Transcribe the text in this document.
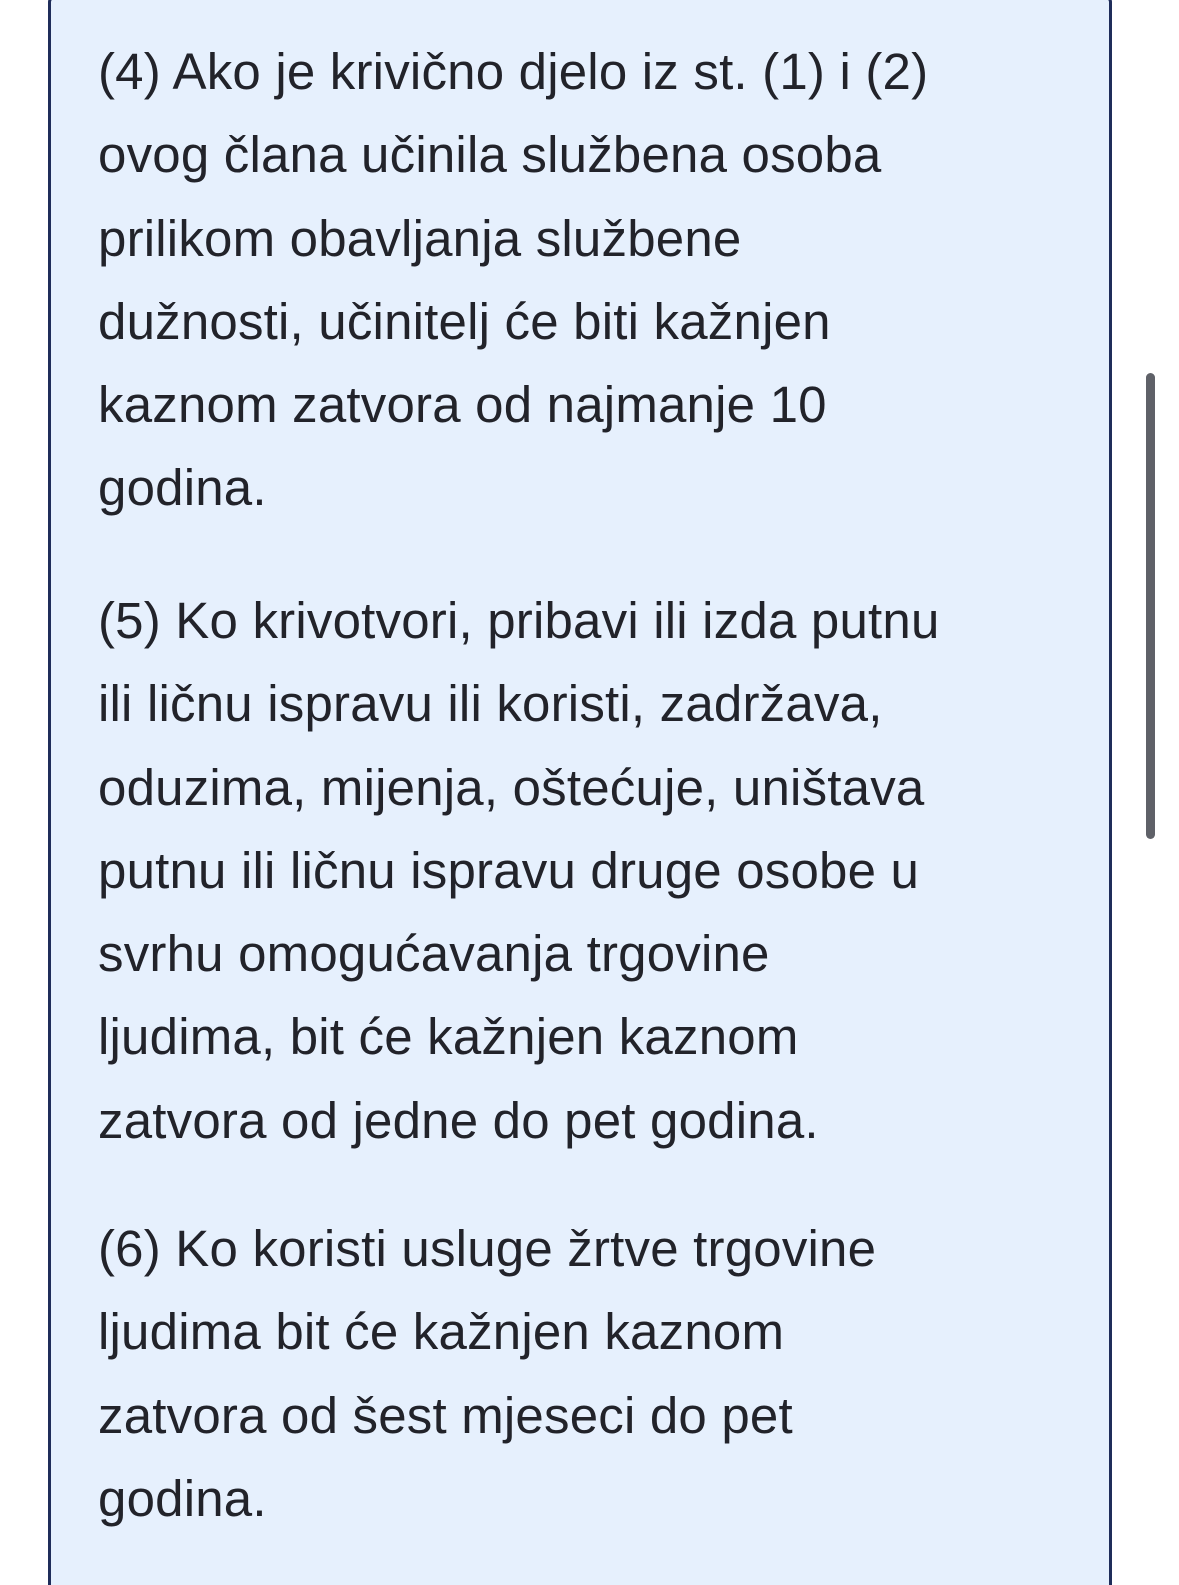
(4) Ako je krivično djelo iz st. (1) i (2)
ovog člana učinila službena osoba
prilikom obavljanja službene
dužnosti, učinitelj će biti kažnjen
kaznom zatvora od najmanje 10
godina.

(5) Ko krivotvori, pribavi ili izda putnu
ili ličnu ispravu ili koristi, zadržava,
oduzima, mijenja, oštećuje, uništava
putnu ili ličnu ispravu druge osobe u
svrhu omogućavanja trgovine
ljudima, bit će kažnjen kaznom
zatvora od jedne do pet godina.

(6) Ko koristi usluge žrtve trgovine
ljudima bit će kažnjen kaznom
zatvora od šest mjeseci do pet
godina.
